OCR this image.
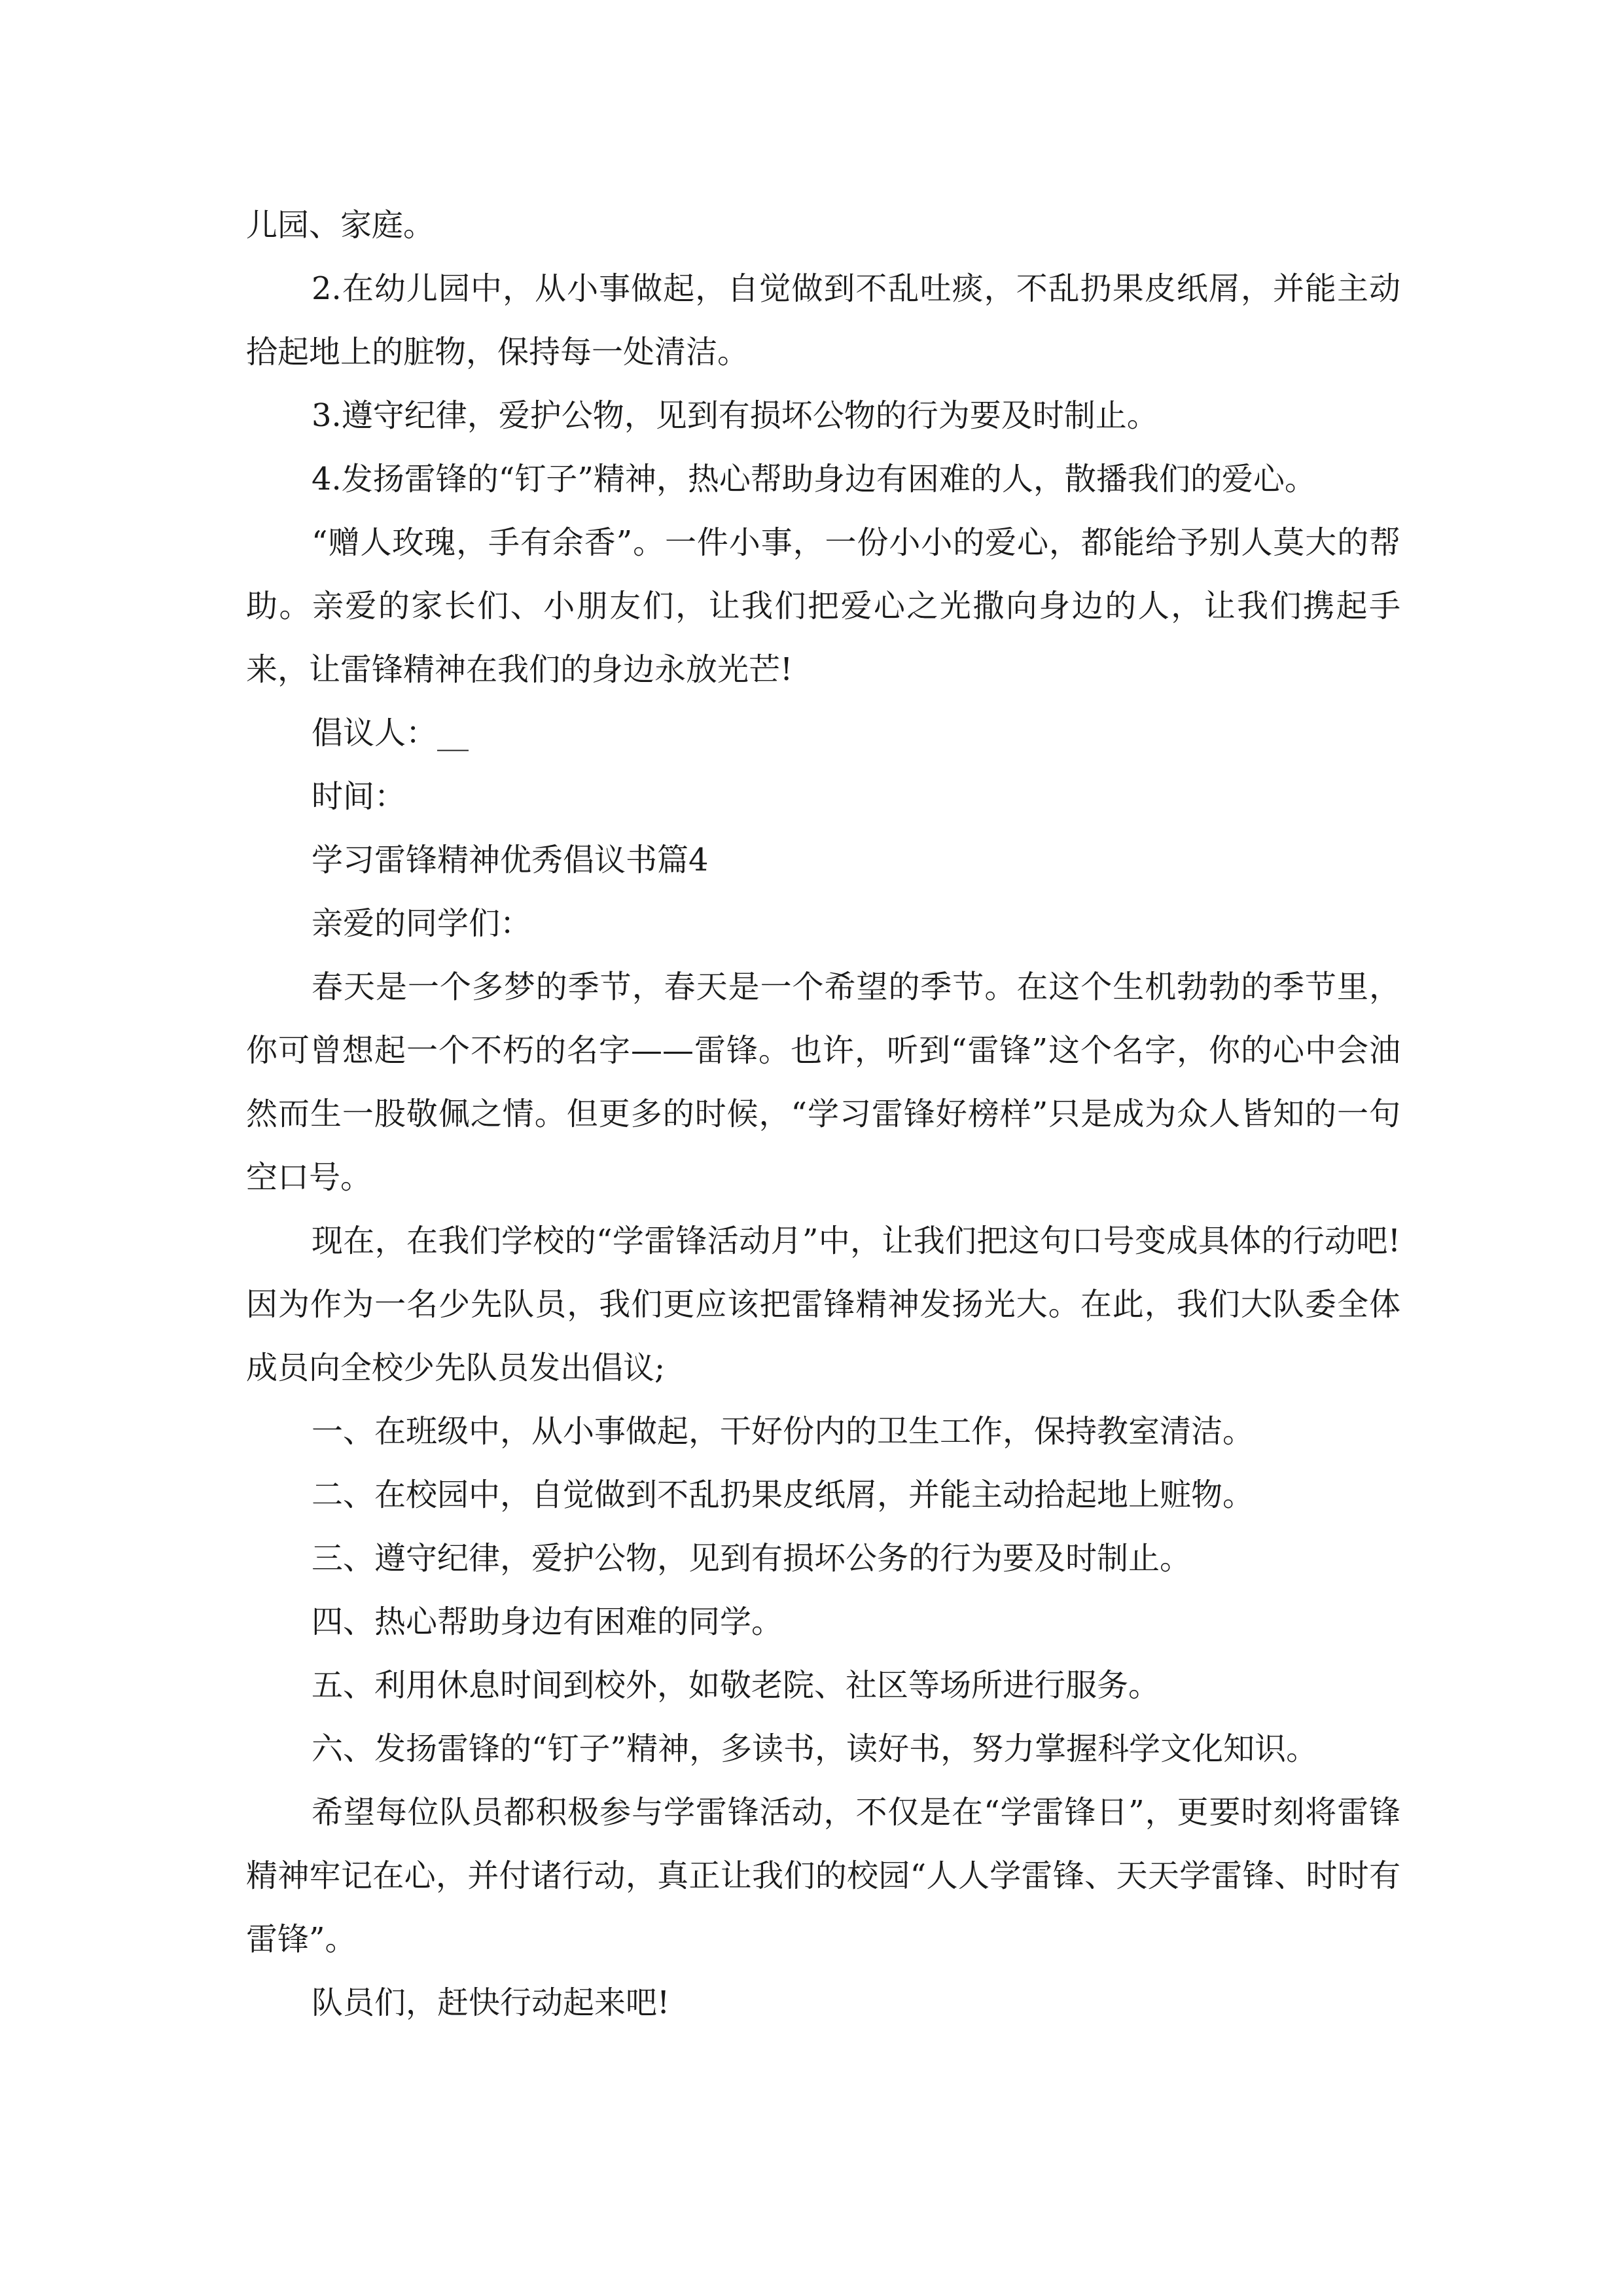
儿园、家庭。

2.在幼儿园中，从小事做起，自觉做到不乱吐痰，不乱扔果皮纸屑，并能主动拾起地上的脏物，保持每一处清洁。

3.遵守纪律，爱护公物，见到有损坏公物的行为要及时制止。

4.发扬雷锋的“钉子”精神，热心帮助身边有困难的人，散播我们的爱心。

“赠人玫瑰，手有余香”。一件小事，一份小小的爱心，都能给予别人莫大的帮助。亲爱的家长们、小朋友们，让我们把爱心之光撒向身边的人，让我们携起手来，让雷锋精神在我们的身边永放光芒!

倡议人：__

时间：

学习雷锋精神优秀倡议书篇4

亲爱的同学们：

春天是一个多梦的季节，春天是一个希望的季节。在这个生机勃勃的季节里，你可曾想起一个不朽的名字——雷锋。也许，听到“雷锋”这个名字，你的心中会油然而生一股敬佩之情。但更多的时候，“学习雷锋好榜样”只是成为众人皆知的一句空口号。

现在，在我们学校的“学雷锋活动月”中，让我们把这句口号变成具体的行动吧!因为作为一名少先队员，我们更应该把雷锋精神发扬光大。在此，我们大队委全体成员向全校少先队员发出倡议;

一、在班级中，从小事做起，干好份内的卫生工作，保持教室清洁。

二、在校园中，自觉做到不乱扔果皮纸屑，并能主动拾起地上赃物。

三、遵守纪律，爱护公物，见到有损坏公务的行为要及时制止。

四、热心帮助身边有困难的同学。

五、利用休息时间到校外，如敬老院、社区等场所进行服务。

六、发扬雷锋的“钉子”精神，多读书，读好书，努力掌握科学文化知识。

希望每位队员都积极参与学雷锋活动，不仅是在“学雷锋日”，更要时刻将雷锋精神牢记在心，并付诸行动，真正让我们的校园“人人学雷锋、天天学雷锋、时时有雷锋”。

队员们，赶快行动起来吧!
